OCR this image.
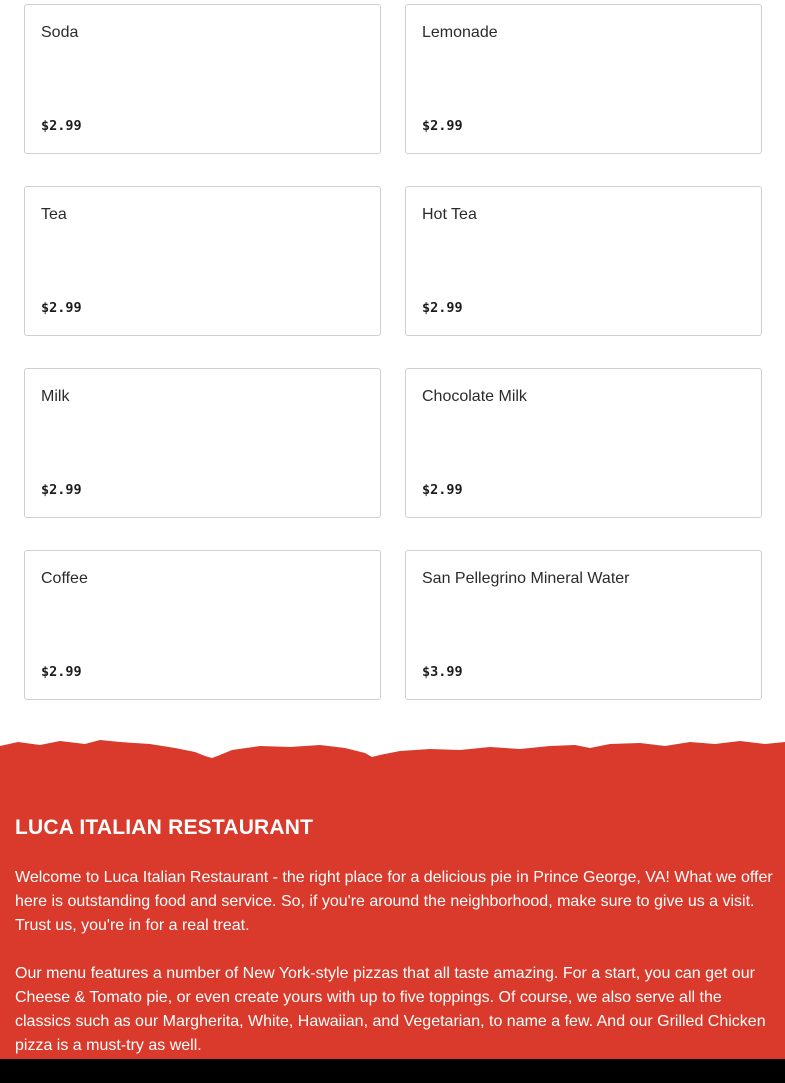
Soda
$2.99
Lemonade
$2.99
Tea
$2.99
Hot Tea
$2.99
Milk
$2.99
Chocolate Milk
$2.99
Coffee
$2.99
San Pellegrino Mineral Water
$3.99
LUCA ITALIAN RESTAURANT

Welcome to Luca Italian Restaurant - the right place for a delicious pie in Prince George, VA! What we offer here is outstanding food and service. So, if you're around the neighborhood, make sure to give us a visit. Trust us, you're in for a real treat.

Our menu features a number of New York-style pizzas that all taste amazing. For a start, you can get our Cheese & Tomato pie, or even create yours with up to five toppings. Of course, we also serve all the classics such as our Margherita, White, Hawaiian, and Vegetarian, to name a few. And our Grilled Chicken pizza is a must-try as well.
